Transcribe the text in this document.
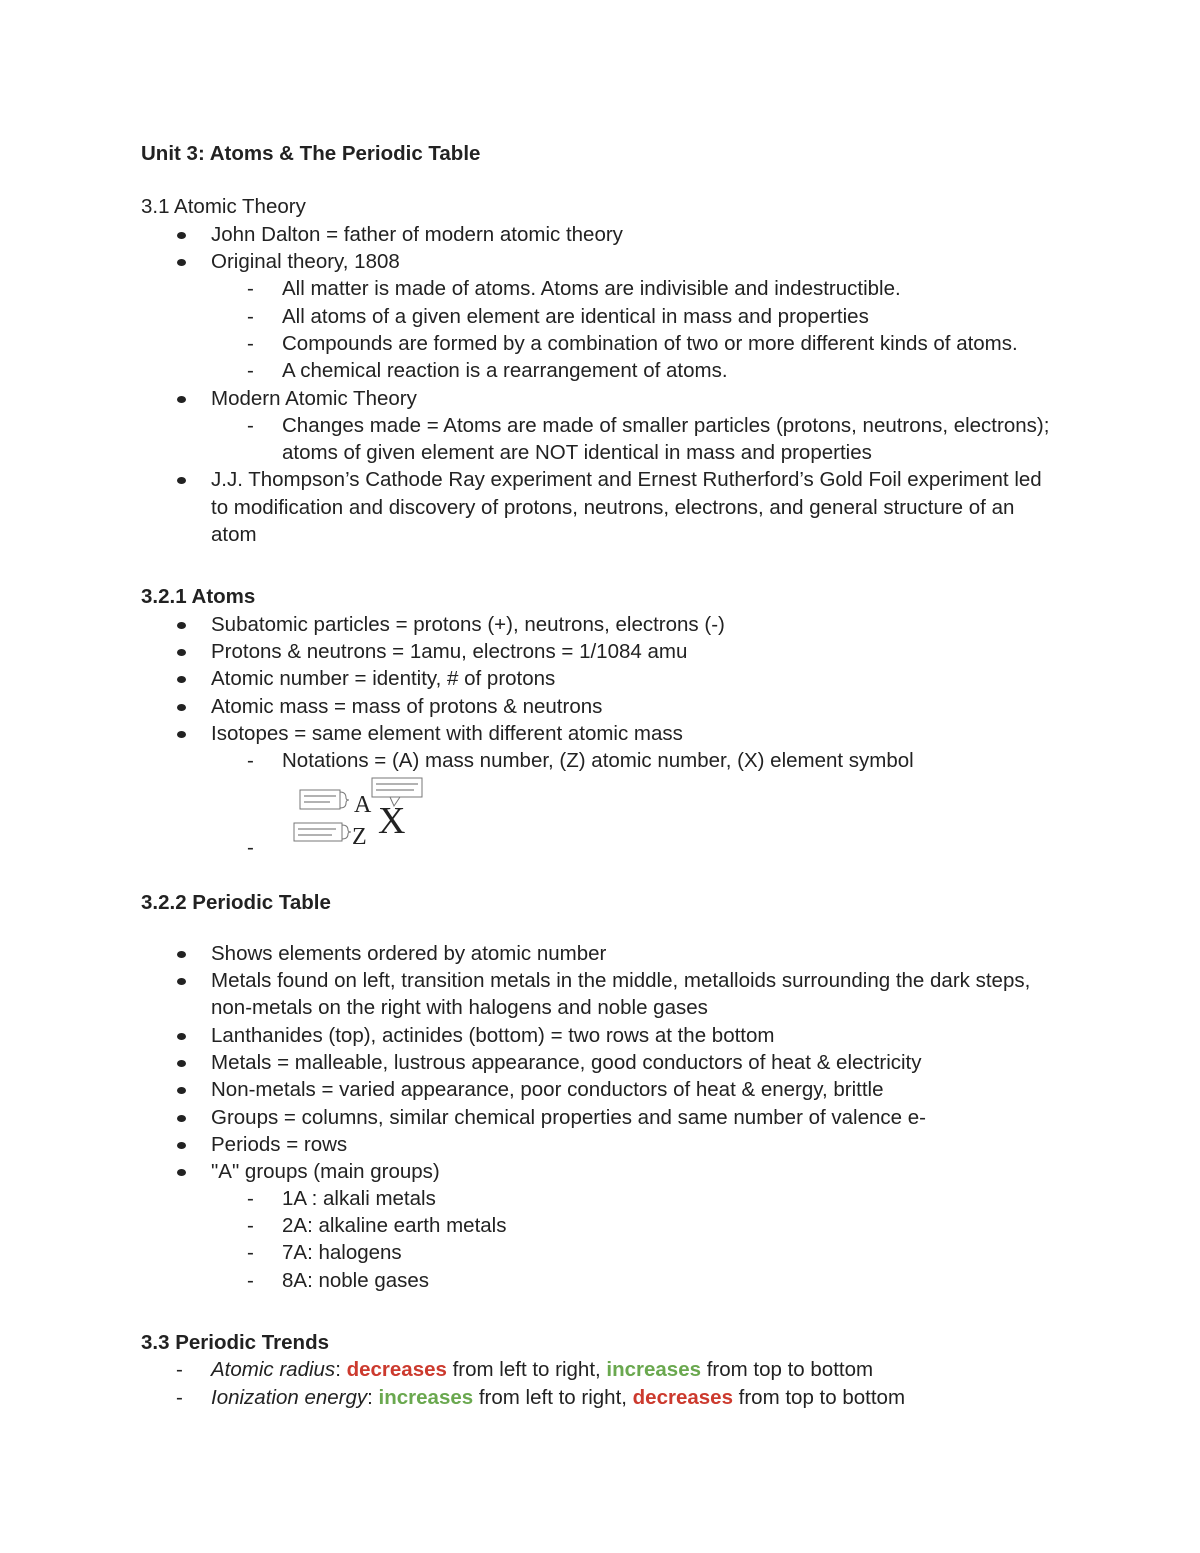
Unit 3: Atoms & The Periodic Table
3.1 Atomic Theory
John Dalton = father of modern atomic theory
Original theory, 1808
- All matter is made of atoms. Atoms are indivisible and indestructible.
- All atoms of a given element are identical in mass and properties
- Compounds are formed by a combination of two or more different kinds of atoms.
- A chemical reaction is a rearrangement of atoms.
Modern Atomic Theory
- Changes made = Atoms are made of smaller particles (protons, neutrons, electrons);
atoms of given element are NOT identical in mass and properties
J.J. Thompson’s Cathode Ray experiment and Ernest Rutherford’s Gold Foil experiment led
to modification and discovery of protons, neutrons, electrons, and general structure of an
atom
3.2.1 Atoms
Subatomic particles = protons (+), neutrons, electrons (-)
Protons & neutrons = 1amu, electrons = 1/1084 amu
Atomic number = identity, # of protons
Atomic mass = mass of protons & neutrons
Isotopes = same element with different atomic mass
- Notations = (A) mass number, (Z) atomic number, (X) element symbol
A
Z X
-
3.2.2 Periodic Table
Shows elements ordered by atomic number
Metals found on left, transition metals in the middle, metalloids surrounding the dark steps,
non-metals on the right with halogens and noble gases
Lanthanides (top), actinides (bottom) = two rows at the bottom
Metals = malleable, lustrous appearance, good conductors of heat & electricity
Non-metals = varied appearance, poor conductors of heat & energy, brittle
Groups = columns, similar chemical properties and same number of valence e-
Periods = rows
"A" groups (main groups)
- 1A : alkali metals
- 2A: alkaline earth metals
- 7A: halogens
- 8A: noble gases
3.3 Periodic Trends
- Atomic radius: decreases from left to right, increases from top to bottom
- Ionization energy: increases from left to right, decreases from top to bottom
